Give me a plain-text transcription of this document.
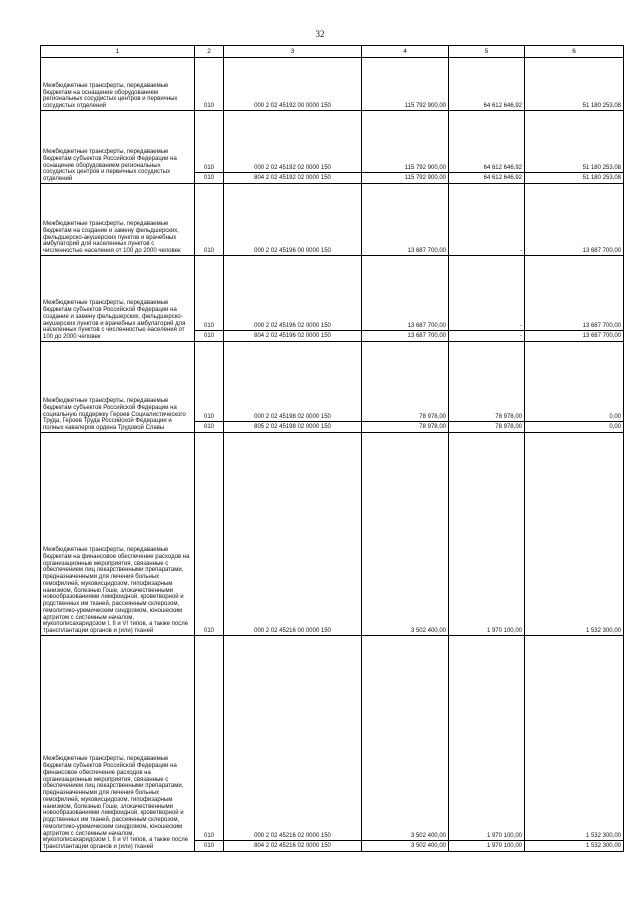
32
1	2	3	4	5	6
Межбюджетные трансферты, передаваемые бюджетам на оснащение оборудованием региональных сосудистых центров и первичных сосудистых отделений	010	000 2 02 45192 00 0000 150	115 792 900,00	64 612 646,92	51 180 253,08
Межбюджетные трансферты, передаваемые бюджетам субъектов Российской Федерации на оснащение оборудованием региональных сосудистых центров и первичных сосудистых отделений	010	000 2 02 45192 02 0000 150	115 792 900,00	64 612 646,92	51 180 253,08
	010	804 2 02 45192 02 0000 150	115 792 900,00	64 612 646,92	51 180 253,08
Межбюджетные трансферты, передаваемые бюджетам на создание и замену фельдшерских, фельдшерско-акушерских пунктов и врачебных амбулаторий для населенных пунктов с численностью населения от 100 до 2000 человек	010	000 2 02 45196 00 0000 150	13 687 700,00	-	13 687 700,00
Межбюджетные трансферты, передаваемые бюджетам субъектов Российской Федерации на создание и замену фельдшерских, фельдшерско-акушерских пунктов и врачебных амбулаторий для населенных пунктов с численностью населения от 100 до 2000 человек	010	000 2 02 45196 02 0000 150	13 687 700,00	-	13 687 700,00
	010	804 2 02 45196 02 0000 150	13 687 700,00	-	13 687 700,00
Межбюджетные трансферты, передаваемые бюджетам субъектов Российской Федерации на социальную поддержку Героев Социалистического Труда, Героев Труда Российской Федерации и полных кавалеров ордена Трудовой Славы	010	000 2 02 45198 02 0000 150	78 978,00	78 978,00	0,00
	010	805 2 02 45198 02 0000 150	78 978,00	78 978,00	0,00
Межбюджетные трансферты, передаваемые бюджетам на финансовое обеспечение расходов на организационные мероприятия, связанные с обеспечением лиц лекарственными препаратами, предназначенными для лечения больных гемофилией, муковисцидозом, гипофизарным нанизмом, болезнью Гоше, злокачественными новообразованиями лимфоидной, кроветворной и родственных им тканей, рассеянным склерозом, гемолитико-уремическим синдромом, юношеским артритом с системным началом, мукополисахаридозом I, II и VI типов, а также после трансплантации органов и (или) тканей	010	000 2 02 45216 00 0000 150	3 502 400,00	1 970 100,00	1 532 300,00
Межбюджетные трансферты, передаваемые бюджетам субъектов Российской Федерации на финансовое обеспечение расходов на организационные мероприятия, связанные с обеспечением лиц лекарственными препаратами, предназначенными для лечения больных гемофилией, муковисцидозом, гипофизарным нанизмом, болезнью Гоше, злокачественными новообразованиями лимфоидной, кроветворной и родственных им тканей, рассеянным склерозом, гемолитико-уремическим синдромом, юношеским артритом с системным началом, мукополисахаридозом I, II и VI типов, а также после трансплантации органов и (или) тканей	010	000 2 02 45216 02 0000 150	3 502 400,00	1 970 100,00	1 532 300,00
	010	804 2 02 45216 02 0000 150	3 502 400,00	1 970 100,00	1 532 300,00
